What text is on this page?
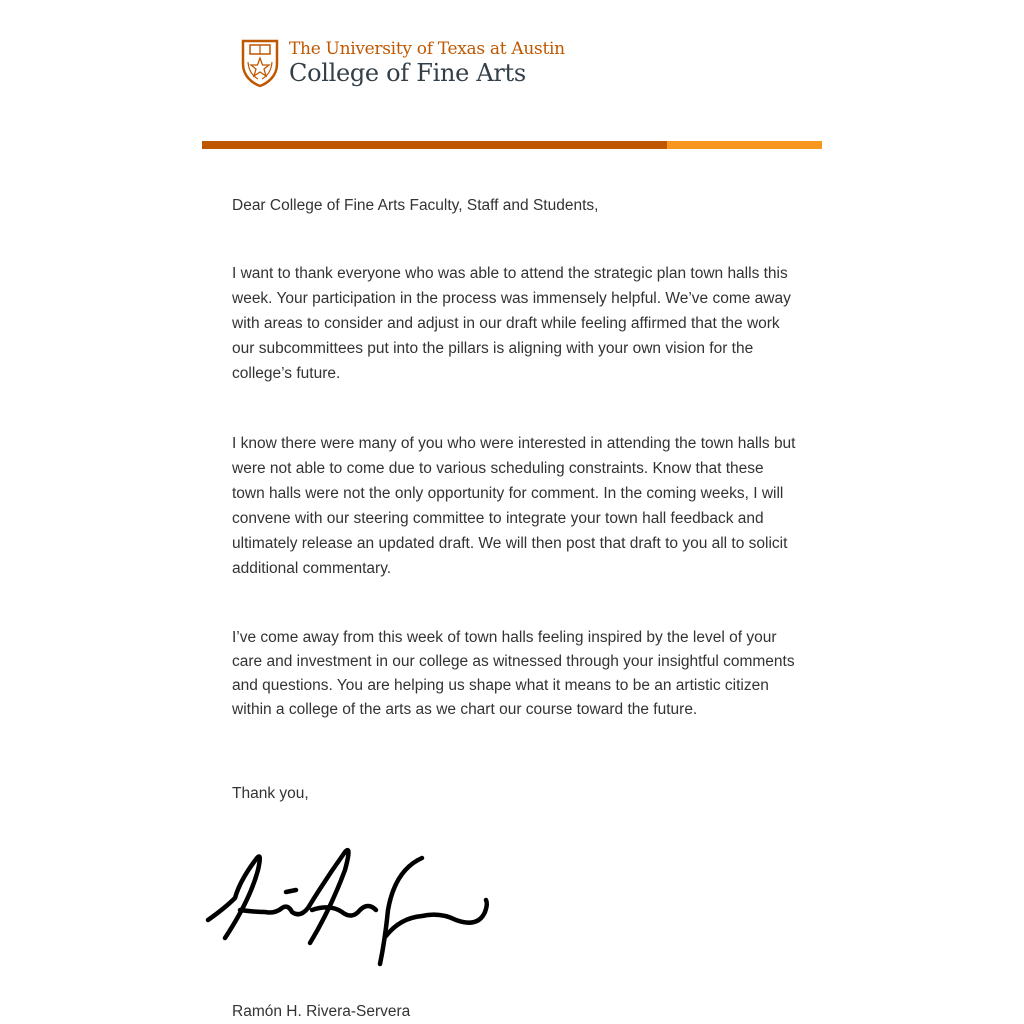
The University of Texas at Austin
College of Fine Arts

Dear College of Fine Arts Faculty, Staff and Students,

I want to thank everyone who was able to attend the strategic plan town halls this week. Your participation in the process was immensely helpful. We’ve come away with areas to consider and adjust in our draft while feeling affirmed that the work our subcommittees put into the pillars is aligning with your own vision for the college’s future.

I know there were many of you who were interested in attending the town halls but were not able to come due to various scheduling constraints. Know that these town halls were not the only opportunity for comment. In the coming weeks, I will convene with our steering committee to integrate your town hall feedback and ultimately release an updated draft. We will then post that draft to you all to solicit additional commentary.

I’ve come away from this week of town halls feeling inspired by the level of your care and investment in our college as witnessed through your insightful comments and questions. You are helping us shape what it means to be an artistic citizen within a college of the arts as we chart our course toward the future.

Thank you,

Ramón H. Rivera-Servera
